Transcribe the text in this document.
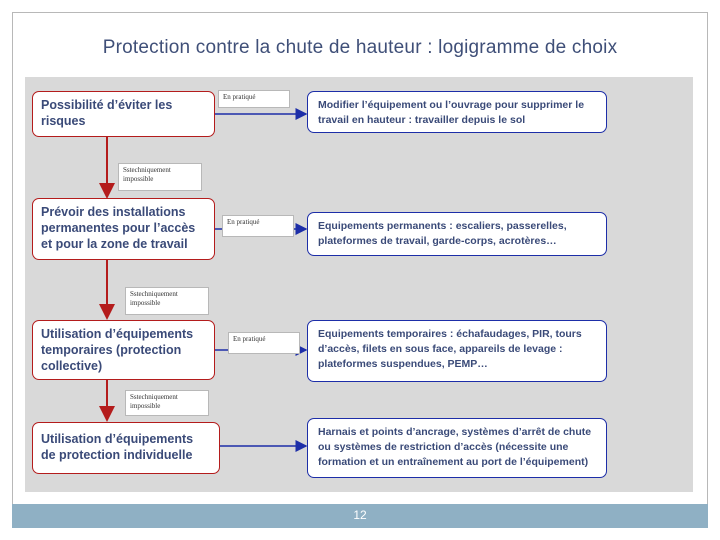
Protection contre la chute de hauteur : logigramme de choix
Possibilité d’éviter les risques
Prévoir des installations permanentes pour l’accès et pour la zone de travail
Utilisation d’équipements temporaires (protection collective)
Utilisation d’équipements de protection individuelle
Modifier l’équipement ou l’ouvrage pour supprimer le travail en hauteur : travailler depuis le sol
Equipements permanents : escaliers, passerelles, plateformes de travail, garde-corps, acrotères…
Equipements temporaires : échafaudages, PIR, tours d’accès, filets en sous face, appareils de levage : plateformes suspendues, PEMP…
Harnais et points d’ancrage, systèmes d’arrêt de chute ou systèmes de restriction d’accès (nécessite une formation et un entraînement au port de l’équipement)
En pratiqué
En pratiqué
En pratiqué
Sstechniquement impossible
Sstechniquement impossible
Sstechniquement impossible
12
